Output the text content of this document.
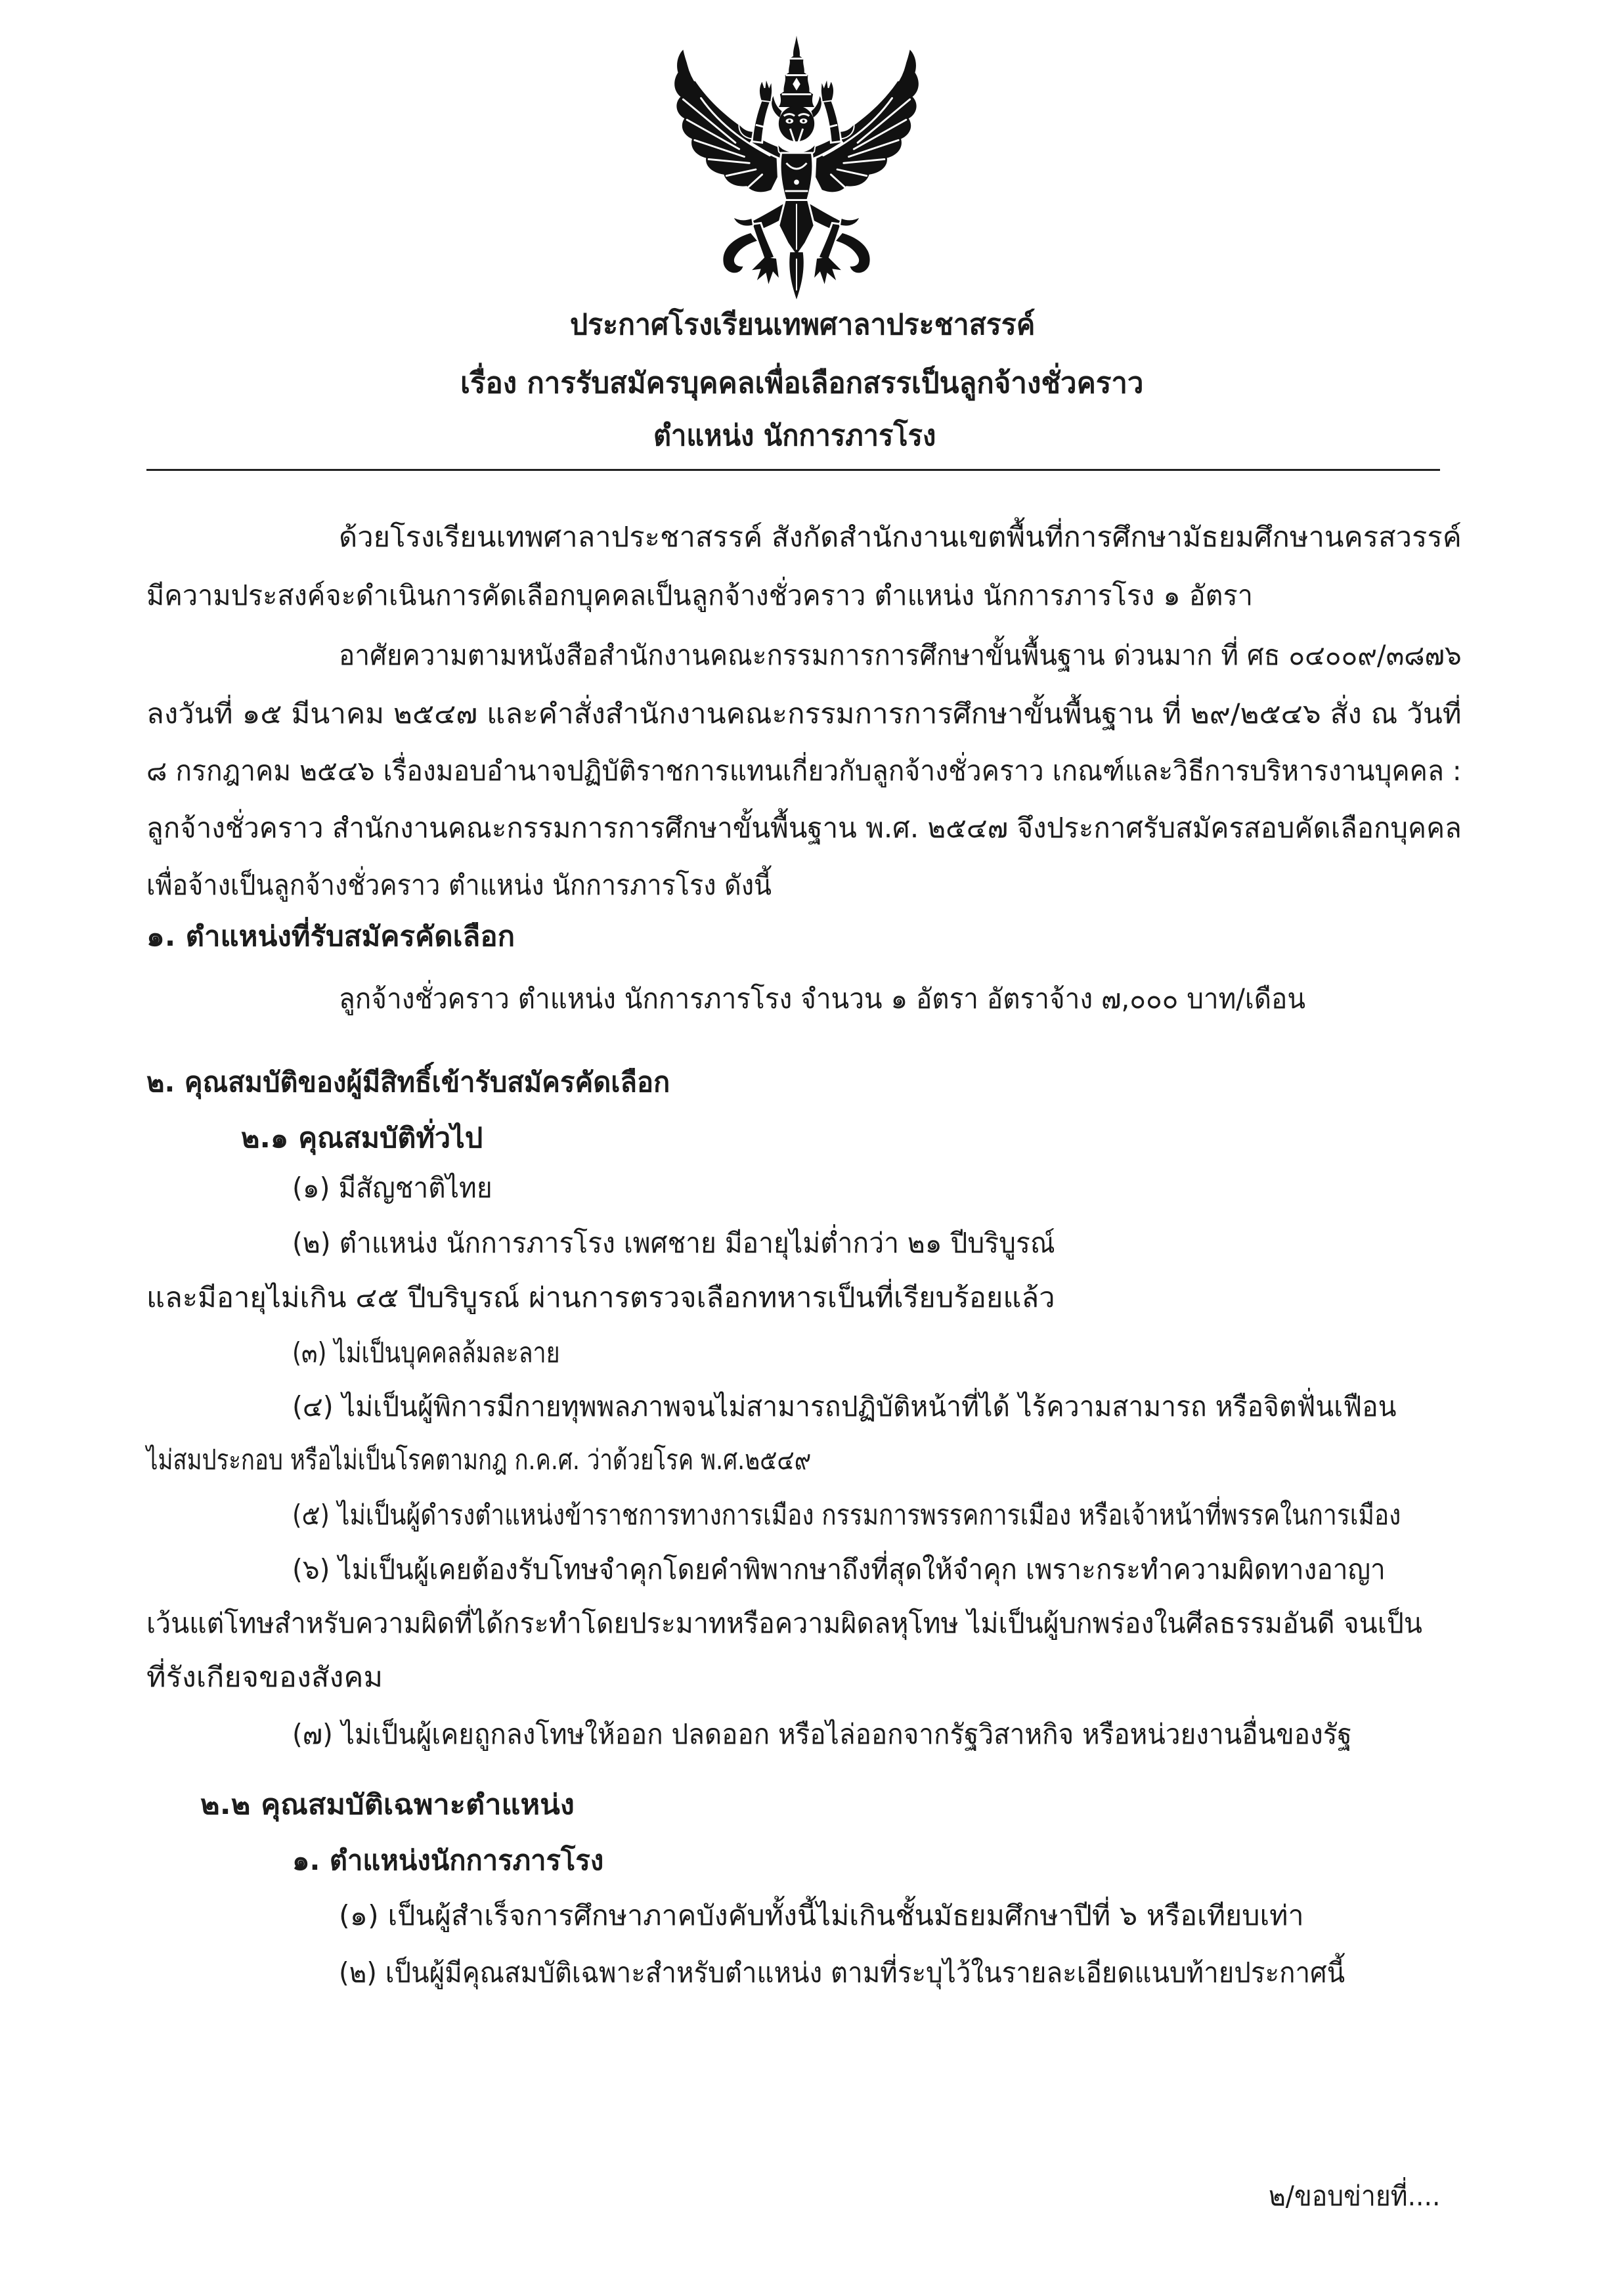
ประกาศโรงเรียนเทพศาลาประชาสรรค์
เรื่อง การรับสมัครบุคคลเพื่อเลือกสรรเป็นลูกจ้างชั่วคราว
ตำแหน่ง นักการภารโรง
ด้วยโรงเรียนเทพศาลาประชาสรรค์ สังกัดสำนักงานเขตพื้นที่การศึกษามัธยมศึกษานครสวรรค์
มีความประสงค์จะดำเนินการคัดเลือกบุคคลเป็นลูกจ้างชั่วคราว ตำแหน่ง นักการภารโรง ๑ อัตรา
อาศัยความตามหนังสือสำนักงานคณะกรรมการการศึกษาขั้นพื้นฐาน ด่วนมาก ที่ ศธ ๐๔๐๐๙/๓๘๗๖
ลงวันที่ ๑๕ มีนาคม ๒๕๔๗ และคำสั่งสำนักงานคณะกรรมการการศึกษาขั้นพื้นฐาน ที่ ๒๙/๒๕๔๖ สั่ง ณ วันที่
๘ กรกฎาคม ๒๕๔๖ เรื่องมอบอำนาจปฏิบัติราชการแทนเกี่ยวกับลูกจ้างชั่วคราว เกณฑ์และวิธีการบริหารงานบุคคล :
ลูกจ้างชั่วคราว สำนักงานคณะกรรมการการศึกษาขั้นพื้นฐาน พ.ศ. ๒๕๔๗ จึงประกาศรับสมัครสอบคัดเลือกบุคคล
เพื่อจ้างเป็นลูกจ้างชั่วคราว ตำแหน่ง นักการภารโรง ดังนี้
๑. ตำแหน่งที่รับสมัครคัดเลือก
ลูกจ้างชั่วคราว ตำแหน่ง นักการภารโรง จำนวน ๑ อัตรา อัตราจ้าง ๗,๐๐๐ บาท/เดือน
๒. คุณสมบัติของผู้มีสิทธิ์เข้ารับสมัครคัดเลือก
๒.๑ คุณสมบัติทั่วไป
(๑) มีสัญชาติไทย
(๒) ตำแหน่ง นักการภารโรง เพศชาย มีอายุไม่ต่ำกว่า ๒๑ ปีบริบูรณ์
และมีอายุไม่เกิน ๔๕ ปีบริบูรณ์ ผ่านการตรวจเลือกทหารเป็นที่เรียบร้อยแล้ว
(๓) ไม่เป็นบุคคลล้มละลาย
(๔) ไม่เป็นผู้พิการมีกายทุพพลภาพจนไม่สามารถปฏิบัติหน้าที่ได้ ไร้ความสามารถ หรือจิตฟั่นเฟือน
ไม่สมประกอบ หรือไม่เป็นโรคตามกฎ ก.ค.ศ. ว่าด้วยโรค พ.ศ.๒๕๔๙
(๕) ไม่เป็นผู้ดำรงตำแหน่งข้าราชการทางการเมือง กรรมการพรรคการเมือง หรือเจ้าหน้าที่พรรคในการเมือง
(๖) ไม่เป็นผู้เคยต้องรับโทษจำคุกโดยคำพิพากษาถึงที่สุดให้จำคุก เพราะกระทำความผิดทางอาญา
เว้นแต่โทษสำหรับความผิดที่ได้กระทำโดยประมาทหรือความผิดลหุโทษ ไม่เป็นผู้บกพร่องในศีลธรรมอันดี จนเป็น
ที่รังเกียจของสังคม
(๗) ไม่เป็นผู้เคยถูกลงโทษให้ออก ปลดออก หรือไล่ออกจากรัฐวิสาหกิจ หรือหน่วยงานอื่นของรัฐ
๒.๒ คุณสมบัติเฉพาะตำแหน่ง
๑. ตำแหน่งนักการภารโรง
(๑) เป็นผู้สำเร็จการศึกษาภาคบังคับทั้งนี้ไม่เกินชั้นมัธยมศึกษาปีที่ ๖ หรือเทียบเท่า
(๒) เป็นผู้มีคุณสมบัติเฉพาะสำหรับตำแหน่ง ตามที่ระบุไว้ในรายละเอียดแนบท้ายประกาศนี้
๒/ขอบข่ายที่....
